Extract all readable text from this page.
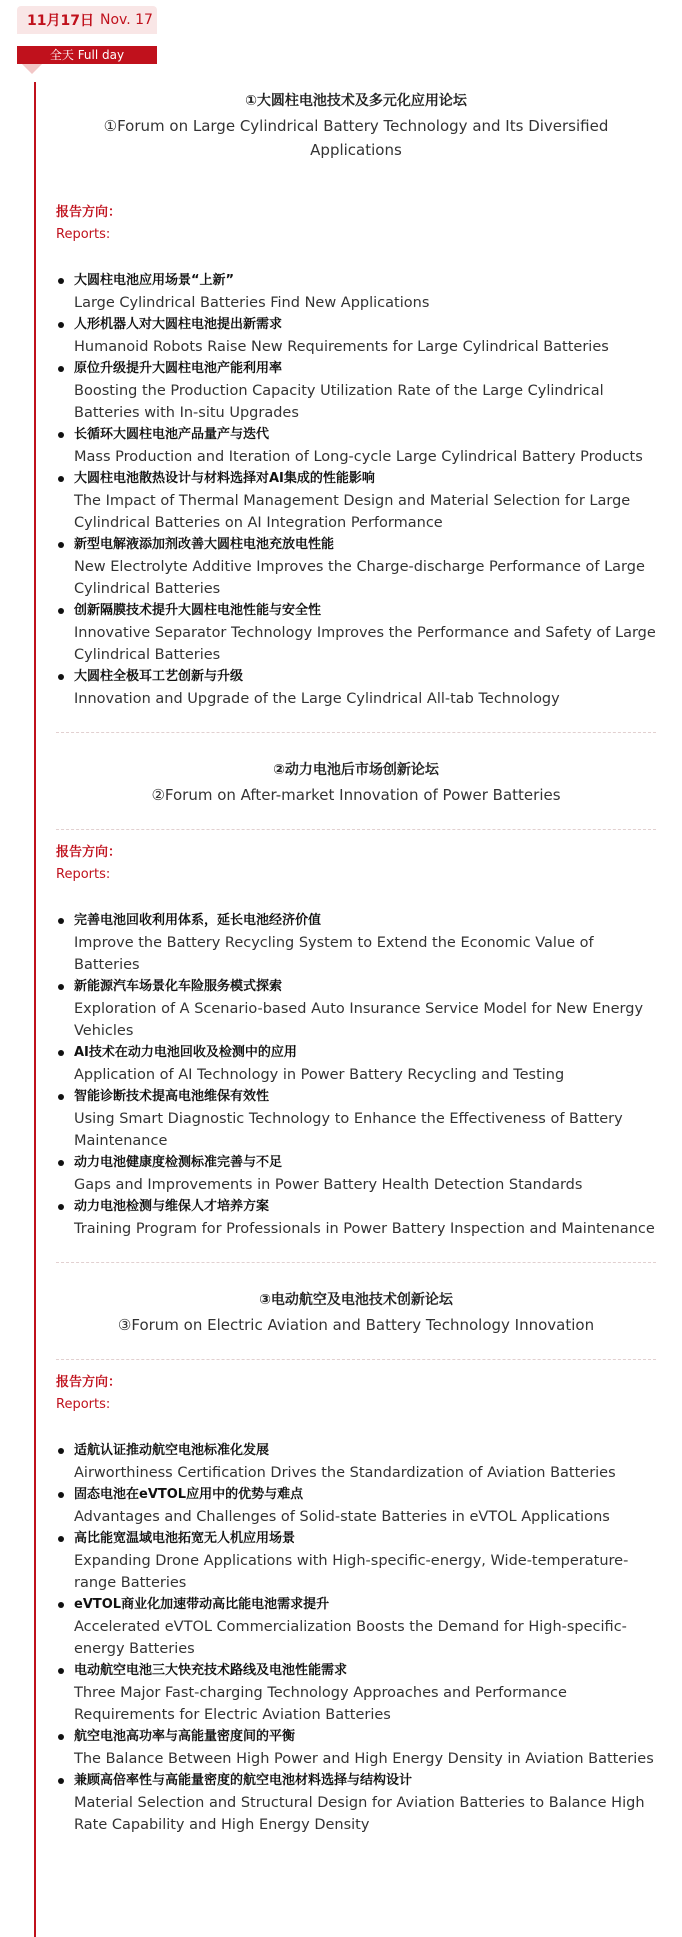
11月17日 Nov. 17
全天 Full day
①大圆柱电池技术及多元化应用论坛
①Forum on Large Cylindrical Battery Technology and Its Diversified Applications
报告方向：
Reports:
大圆柱电池应用场景“上新”
Large Cylindrical Batteries Find New Applications
人形机器人对大圆柱电池提出新需求
Humanoid Robots Raise New Requirements for Large Cylindrical Batteries
原位升级提升大圆柱电池产能利用率
Boosting the Production Capacity Utilization Rate of the Large Cylindrical Batteries with In-situ Upgrades
长循环大圆柱电池产品量产与迭代
Mass Production and Iteration of Long-cycle Large Cylindrical Battery Products
大圆柱电池散热设计与材料选择对AI集成的性能影响
The Impact of Thermal Management Design and Material Selection for Large Cylindrical Batteries on AI Integration Performance
新型电解液添加剂改善大圆柱电池充放电性能
New Electrolyte Additive Improves the Charge-discharge Performance of Large Cylindrical Batteries
创新隔膜技术提升大圆柱电池性能与安全性
Innovative Separator Technology Improves the Performance and Safety of Large Cylindrical Batteries
大圆柱全极耳工艺创新与升级
Innovation and Upgrade of the Large Cylindrical All-tab Technology
②动力电池后市场创新论坛
②Forum on After-market Innovation of Power Batteries
报告方向：
Reports:
完善电池回收利用体系，延长电池经济价值
Improve the Battery Recycling System to Extend the Economic Value of Batteries
新能源汽车场景化车险服务模式探索
Exploration of A Scenario-based Auto Insurance Service Model for New Energy Vehicles
AI技术在动力电池回收及检测中的应用
Application of AI Technology in Power Battery Recycling and Testing
智能诊断技术提高电池维保有效性
Using Smart Diagnostic Technology to Enhance the Effectiveness of Battery Maintenance
动力电池健康度检测标准完善与不足
Gaps and Improvements in Power Battery Health Detection Standards
动力电池检测与维保人才培养方案
Training Program for Professionals in Power Battery Inspection and Maintenance
③电动航空及电池技术创新论坛
③Forum on Electric Aviation and Battery Technology Innovation
报告方向：
Reports:
适航认证推动航空电池标准化发展
Airworthiness Certification Drives the Standardization of Aviation Batteries
固态电池在eVTOL应用中的优势与难点
Advantages and Challenges of Solid-state Batteries in eVTOL Applications
高比能宽温域电池拓宽无人机应用场景
Expanding Drone Applications with High-specific-energy, Wide-temperature-range Batteries
eVTOL商业化加速带动高比能电池需求提升
Accelerated eVTOL Commercialization Boosts the Demand for High-specific-energy Batteries
电动航空电池三大快充技术路线及电池性能需求
Three Major Fast-charging Technology Approaches and Performance Requirements for Electric Aviation Batteries
航空电池高功率与高能量密度间的平衡
The Balance Between High Power and High Energy Density in Aviation Batteries
兼顾高倍率性与高能量密度的航空电池材料选择与结构设计
Material Selection and Structural Design for Aviation Batteries to Balance High Rate Capability and High Energy Density
